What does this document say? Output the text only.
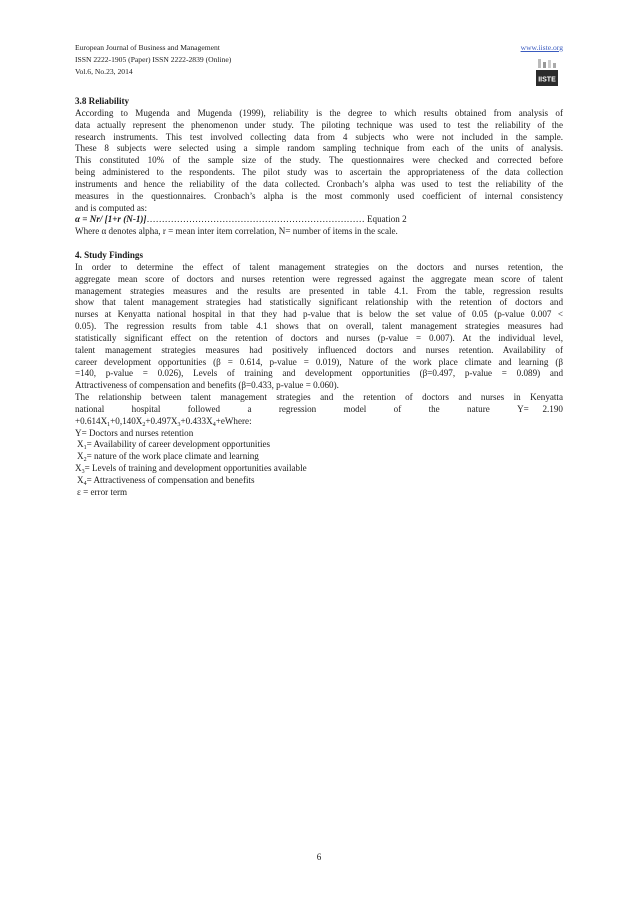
European Journal of Business and Management
ISSN 2222-1905 (Paper) ISSN 2222-2839 (Online)
Vol.6, No.23, 2014
www.iiste.org
IISTE
3.8 Reliability
According to Mugenda and Mugenda (1999), reliability is the degree to which results obtained from analysis of
data actually represent the phenomenon under study. The piloting technique was used to test the reliability of the
research instruments. This test involved collecting data from 4 subjects who were not included in the sample.
These 8 subjects were selected using a simple random sampling technique from each of the units of analysis.
This constituted 10% of the sample size of the study. The questionnaires were checked and corrected before
being administered to the respondents. The pilot study was to ascertain the appropriateness of the data collection
instruments and hence the reliability of the data collected. Cronbach’s alpha was used to test the reliability of the
measures in the questionnaires. Cronbach’s alpha is the most commonly used coefficient of internal consistency
and is computed as:
α = Nr/ [1+r (N-1)]……………………………………………………………… Equation 2
Where α denotes alpha, r = mean inter item correlation, N= number of items in the scale.
4. Study Findings
In order to determine the effect of talent management strategies on the doctors and nurses retention, the
aggregate mean score of doctors and nurses retention were regressed against the aggregate mean score of talent
management strategies measures and the results are presented in table 4.1. From the table, regression results
show that talent management strategies had statistically significant relationship with the retention of doctors and
nurses at Kenyatta national hospital in that they had p-value that is below the set value of 0.05 (p-value 0.007 <
0.05). The regression results from table 4.1 shows that on overall, talent management strategies measures had
statistically significant effect on the retention of doctors and nurses (p-value = 0.007). At the individual level,
talent management strategies measures had positively influenced doctors and nurses retention. Availability of
career development opportunities (β = 0.614, p-value = 0.019), Nature of the work place climate and learning (β
=140, p-value = 0.026), Levels of training and development opportunities (β=0.497, p-value = 0.089) and
Attractiveness of compensation and benefits (β=0.433, p-value = 0.060).
The relationship between talent management strategies and the retention of doctors and nurses in Kenyatta
national	hospital	followed	a	regression	model	of	the	nature	Y= 2.190
$+0.614X_1+0,140X_2+0.497X_3+0.433X_4+eWhere$:
Y= Doctors and nurses retention
$X_1=$ Availability of career development opportunities
$X_2=$ nature of the work place climate and learning
$X_3=$ Levels of training and development opportunities available
$X_4=$ Attractiveness of compensation and benefits
ε = error term
6
